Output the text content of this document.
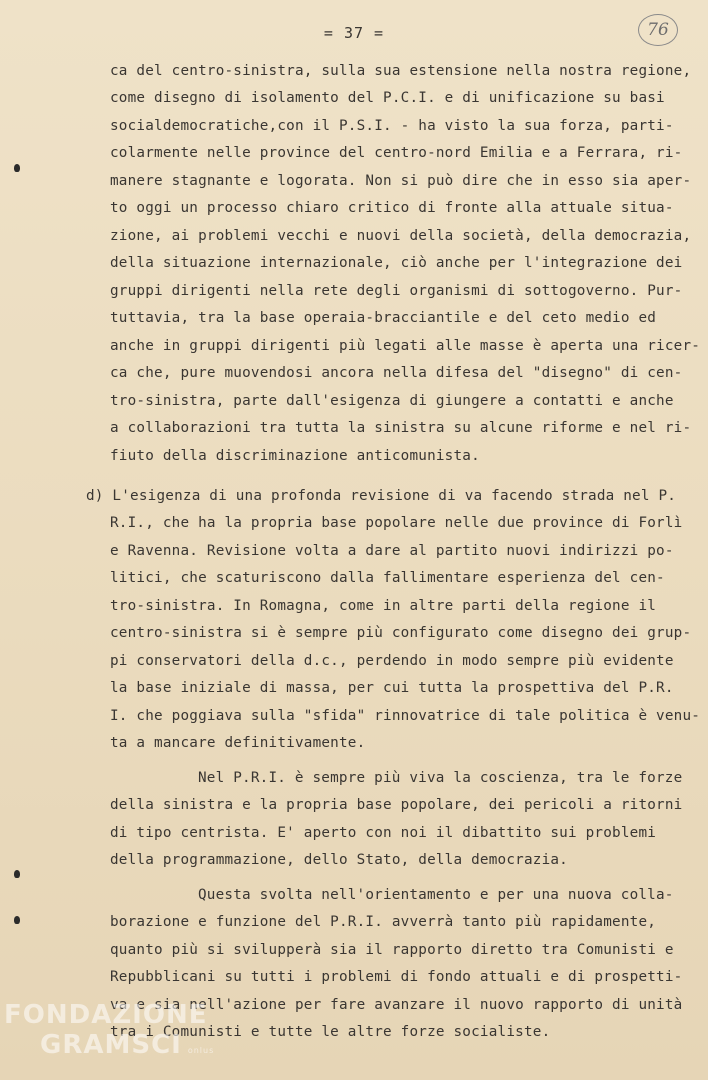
= 37 =	76
ca del centro-sinistra, sulla sua estensione nella nostra regione,
come disegno di isolamento del P.C.I. e di unificazione su basi
socialdemocratiche,con il P.S.I. - ha visto la sua forza, parti-
colarmente nelle province del centro-nord Emilia e a Ferrara, ri-
manere stagnante e logorata. Non si può dire che in esso sia aper-
to oggi un processo chiaro critico di fronte alla attuale situa-
zione, ai problemi vecchi e nuovi della società, della democrazia,
della situazione internazionale, ciò anche per l'integrazione dei
gruppi dirigenti nella rete degli organismi di sottogoverno. Pur-
tuttavia, tra la base operaia-bracciantile e del ceto medio ed
anche in gruppi dirigenti più legati alle masse è aperta una ricer-
ca che, pure muovendosi ancora nella difesa del "disegno" di cen-
tro-sinistra, parte dall'esigenza di giungere a contatti e anche
a collaborazioni tra tutta la sinistra su alcune riforme e nel ri-
fiuto della discriminazione anticomunista.
d) L'esigenza di una profonda revisione di va facendo strada nel P.
R.I., che ha la propria base popolare nelle due province di Forlì
e Ravenna. Revisione volta a dare al partito nuovi indirizzi po-
litici, che scaturiscono dalla fallimentare esperienza del cen-
tro-sinistra. In Romagna, come in altre parti della regione il
centro-sinistra si è sempre più configurato come disegno dei grup-
pi conservatori della d.c., perdendo in modo sempre più evidente
la base iniziale di massa, per cui tutta la prospettiva del P.R.
I. che poggiava sulla "sfida" rinnovatrice di tale politica è venu-
ta a mancare definitivamente.
Nel P.R.I. è sempre più viva la coscienza, tra le forze
della sinistra e la propria base popolare, dei pericoli a ritorni
di tipo centrista. E' aperto con noi il dibattito sui problemi
della programmazione, dello Stato, della democrazia.
Questa svolta nell'orientamento e per una nuova colla-
borazione e funzione del P.R.I. avverrà tanto più rapidamente,
quanto più si svilupperà sia il rapporto diretto tra Comunisti e
Repubblicani su tutti i problemi di fondo attuali e di prospetti-
va e sia nell'azione per fare avanzare il nuovo rapporto di unità
tra i Comunisti e tutte le altre forze socialiste.
FONDAZIONE
GRAMSCI onlus
